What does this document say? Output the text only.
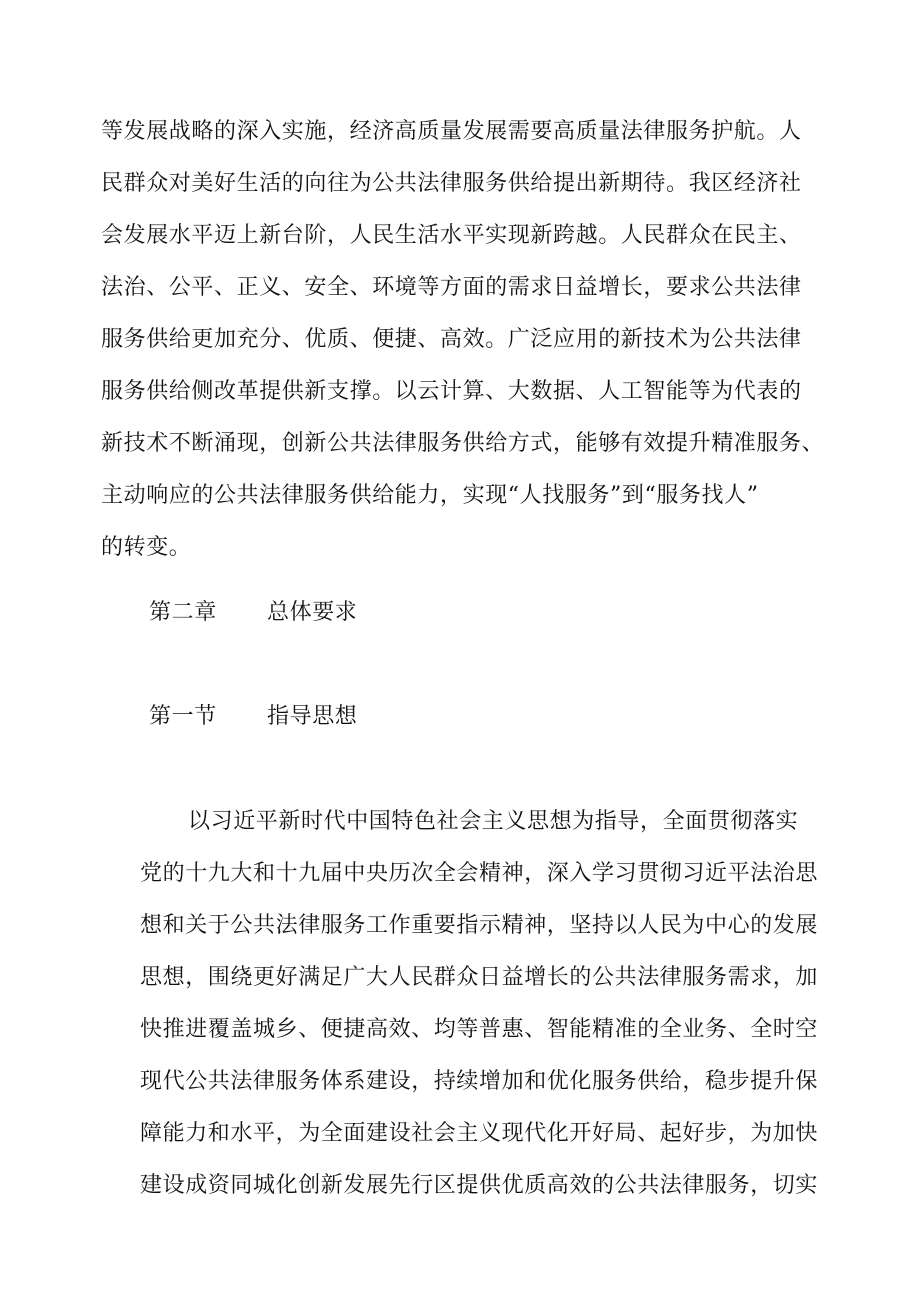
等发展战略的深入实施，经济高质量发展需要高质量法律服务护航。人
民群众对美好生活的向往为公共法律服务供给提出新期待。我区经济社
会发展水平迈上新台阶，人民生活水平实现新跨越。人民群众在民主、
法治、公平、正义、安全、环境等方面的需求日益增长，要求公共法律
服务供给更加充分、优质、便捷、高效。广泛应用的新技术为公共法律
服务供给侧改革提供新支撑。以云计算、大数据、人工智能等为代表的
新技术不断涌现，创新公共法律服务供给方式，能够有效提升精准服务、
主动响应的公共法律服务供给能力，实现“人找服务”到“服务找人”
的转变。
第二章 总体要求
第一节 指导思想
以习近平新时代中国特色社会主义思想为指导，全面贯彻落实
党的十九大和十九届中央历次全会精神，深入学习贯彻习近平法治思
想和关于公共法律服务工作重要指示精神，坚持以人民为中心的发展
思想，围绕更好满足广大人民群众日益增长的公共法律服务需求，加
快推进覆盖城乡、便捷高效、均等普惠、智能精准的全业务、全时空
现代公共法律服务体系建设，持续增加和优化服务供给，稳步提升保
障能力和水平，为全面建设社会主义现代化开好局、起好步，为加快
建设成资同城化创新发展先行区提供优质高效的公共法律服务，切实
